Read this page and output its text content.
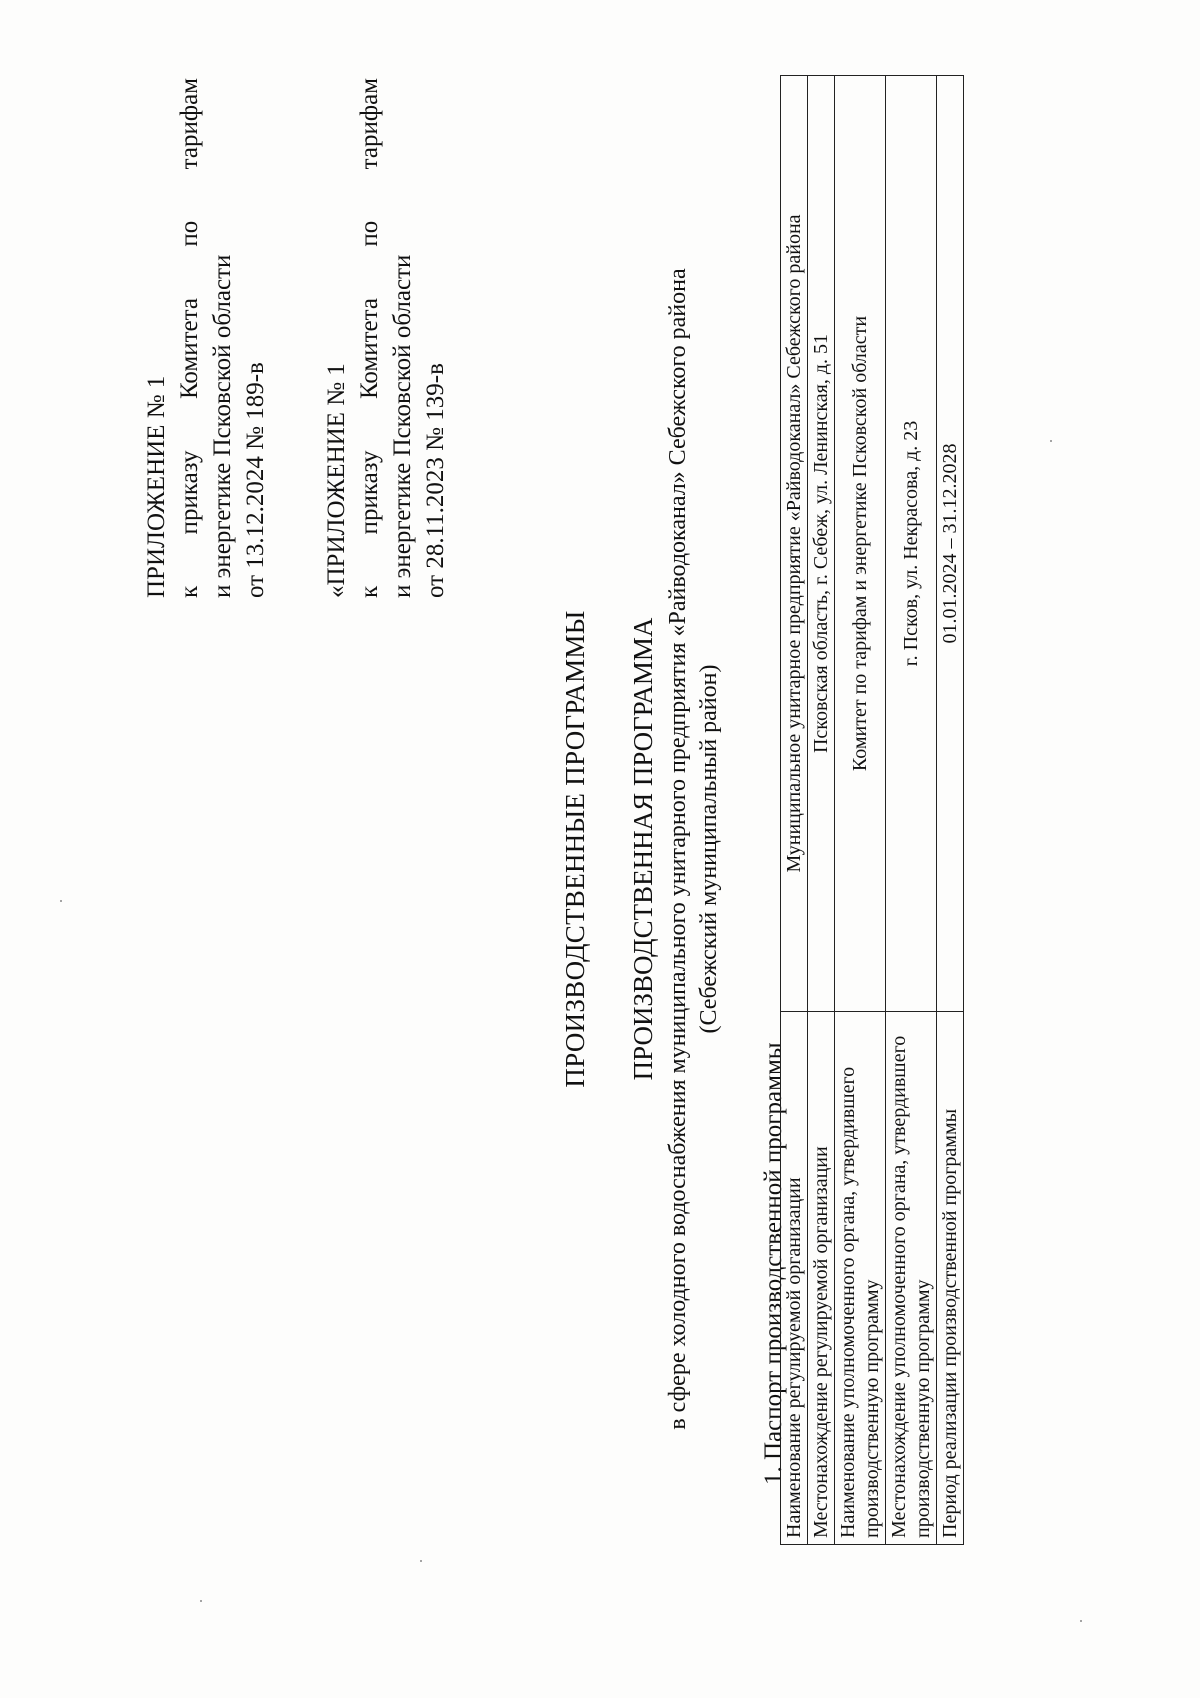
ПРИЛОЖЕНИЕ № 1 к
приказу
Комитета
по
тарифам
и энергетике Псковской области от 13.12.2024 № 189-в «ПРИЛОЖЕНИЕ № 1 к
приказу
Комитета
по
тарифам
и энергетике Псковской области от 28.11.2023 № 139-в
ПРОИЗВОДСТВЕННЫЕ ПРОГРАММЫ ПРОИЗВОДСТВЕННАЯ ПРОГРАММА в сфере холодного водоснабжения муниципального унитарного предприятия «Райводоканал» Себежского района (Себежский муниципальный район)
1. Паспорт производственной программы
Наименование регулируемой организации	Муниципальное унитарное предприятие «Райводоканал» Себежского района
Местонахождение регулируемой организации	Псковская область, г. Себеж, ул. Ленинская, д. 51
Наименование уполномоченного органа, утвердившего производственную программу	Комитет по тарифам и энергетике Псковской области
Местонахождение уполномоченного органа, утвердившего производственную программу	г. Псков, ул. Некрасова, д. 23
Период реализации производственной программы	01.01.2024 – 31.12.2028
